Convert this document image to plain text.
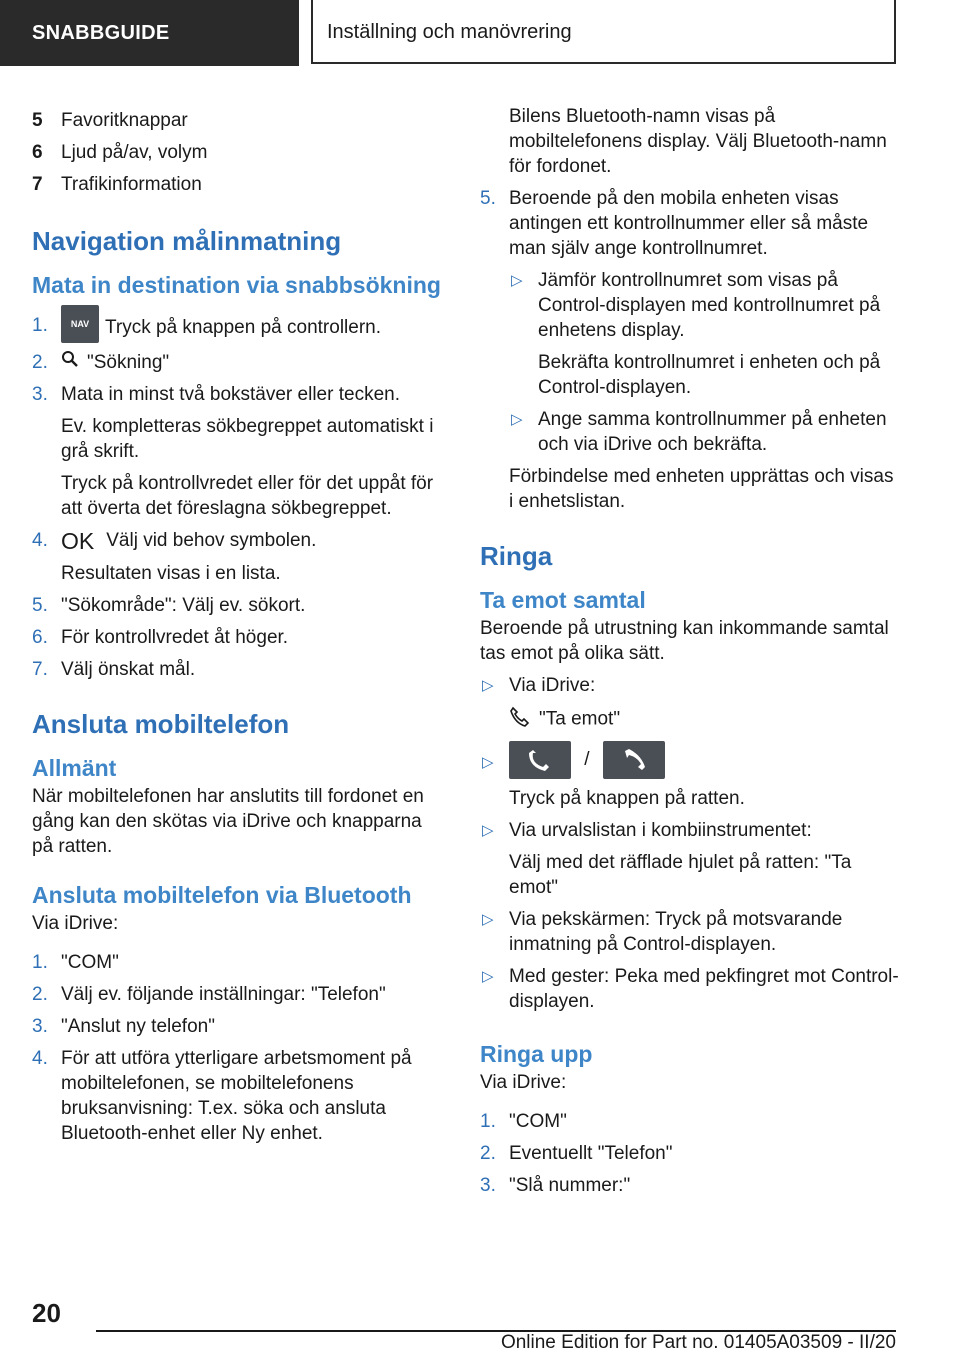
SNABBGUIDE	Inställning och manövrering
5 Favoritknappar
6 Ljud på/av, volym
7 Trafikinformation
Navigation målinmatning
Mata in destination via snabbsökning
1.	NAV Tryck på knappen på controllern.
2. "Sökning"
3. Mata in minst två bokstäver eller tecken.
Ev. kompletteras sökbegreppet automatiskt i grå skrift.
Tryck på kontrollvredet eller för det uppåt för att överta det föreslagna sökbegreppet.
4. OK Välj vid behov symbolen.
Resultaten visas i en lista.
5. "Sökområde": Välj ev. sökort.
6. För kontrollvredet åt höger.
7. Välj önskat mål.
Ansluta mobiltelefon
Allmänt

När mobiltelefonen har anslutits till fordonet en gång kan den skötas via iDrive och knapparna på ratten.

Ansluta mobiltelefon via Bluetooth

Via iDrive:

1. "COM"
2. Välj ev. följande inställningar: "Telefon"
3. "Anslut ny telefon"
4. För att utföra ytterligare arbetsmoment på mobiltelefonen, se mobiltelefonens bruksanvisning: T.ex. söka och ansluta Bluetooth-enhet eller Ny enhet.

Bilens Bluetooth-namn visas på mobiltelefonens display. Välj Bluetooth-namn för fordonet.

5. Beroende på den mobila enheten visas antingen ett kontrollnummer eller så måste man själv ange kontrollnumret.
▷ Jämför kontrollnumret som visas på Control-displayen med kontrollnumret på enhetens display.
Bekräfta kontrollnumret i enheten och på Control-displayen.
▷ Ange samma kontrollnummer på enheten och via iDrive och bekräfta.

Förbindelse med enheten upprättas och visas i enhetslistan.

Ringa
Ta emot samtal

Beroende på utrustning kan inkommande samtal tas emot på olika sätt.

▷ Via iDrive:
"Ta emot"
▷	/
Tryck på knappen på ratten.
▷ Via urvalslistan i kombiinstrumentet:
Välj med det räfflade hjulet på ratten: "Ta emot"
▷ Via pekskärmen: Tryck på motsvarande inmatning på Control-displayen.
▷ Med gester: Peka med pekfingret mot Control-displayen.
Ringa upp

Via iDrive:

1. "COM"
2. Eventuellt "Telefon"
3. "Slå nummer:"
20
Online Edition for Part no. 01405A03509 - II/20
